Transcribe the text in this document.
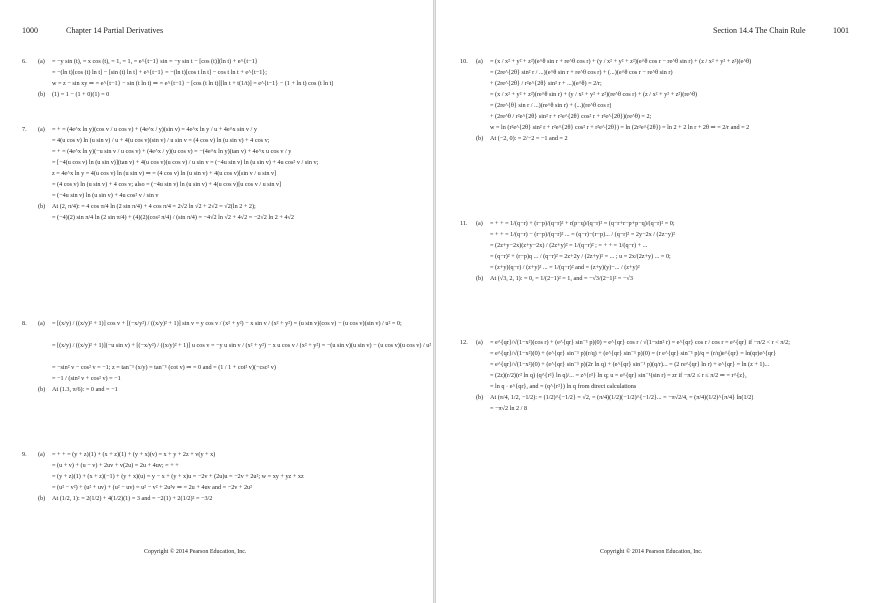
1000	Chapter 14 Partial Derivatives
6. (a) = −y sin (t), = x cos (t), = 1, = 1, = e^{t−1} sin = −y sin t − [cos (t)](ln t) + e^{t−1}
= −(ln t)[cos (t) ln t] − [sin (t) ln t] + e^{t−1} = −(ln t)[cos t ln t] − cos t ln t + e^{t−1};
w = z − sin xy ⇒ = e^{t−1} − sin (t ln t) ⇒ = e^{t−1} − [cos (t ln t)][ln t + t(1/t)] = e^{t−1} − (1 + ln t) cos (t ln t)
(b)(1) = 1 − (1 + 0)(1) = 0
7. (a)= + = (4e^x ln y)(cos v / u cos v) + (4e^x / y)(sin v) = 4e^x ln y / u + 4e^x sin v / y
= 4(u cos v) ln (u sin v) / u + 4(u cos v)(sin v) / u sin v = (4 cos v) ln (u sin v) + 4 cos v;
= + = (4e^x ln y)(−u sin v / u cos v) + (4e^x / y)(u cos v) = −(4e^x ln y)(tan v) + 4e^x u cos v / y
= [−4(u cos v) ln (u sin v)](tan v) + 4(u cos v)(u cos v) / u sin v = (−4u sin v) ln (u sin v) + 4u cos² v / sin v;
z = 4e^x ln y = 4(u cos v) ln (u sin v) ⇒ = (4 cos v) ln (u sin v) + 4(u cos v)[sin v / u sin v]
= (4 cos v) ln (u sin v) + 4 cos v; also = (−4u sin v) ln (u sin v) + 4(u cos v)[u cos v / u sin v]
= (−4u sin v) ln (u sin v) + 4u cos² v / sin v
(b) At (2, π/4): = 4 cos π/4 ln (2 sin π/4) + 4 cos π/4 = 2√2 ln √2 + 2√2 = √2(ln 2 + 2);
= (−4)(2) sin π/4 ln (2 sin π/4) + (4)(2)(cos² π/4) / (sin π/4) = −4√2 ln √2 + 4√2 = −2√2 ln 2 + 4√2
8. (a)= [(x/y) / ((x/y)² + 1)] cos v + [(−x/y²) / ((x/y)² + 1)] sin v = y cos v / (x² + y²) − x sin v / (x² + y²) = (u sin v)(cos v) − (u cos v)(sin v) / u² = 0;
= [(x/y) / ((x/y)² + 1)](−u sin v) + [(−x/y²) / ((x/y)² + 1)] u cos v = −y u sin v / (x² + y²) − x u cos v / (x² + y²) = −(u sin v)(u sin v) − (u cos v)(u cos v) / u²
= −sin² v − cos² v = −1; z = tan⁻¹ (x/y) = tan⁻¹ (cot v) ⇒ = 0 and = (1 / 1 + cot² v)(−csc² v)
= −1 / (sin² v + cos² v) = −1
(b) At (1.3, π/6): = 0 and = −1
9. (a)= + + = (y + z)(1) + (x + z)(1) + (y + x)(v) = x + y + 2z + v(y + x)
= (u + v) + (u − v) + 2uv + v(2u) = 2u + 4uv; = + +
= (y + z)(1) + (x + z)(−1) + (y + x)(u) = y − x + (y + x)u = −2v + (2u)u = −2v + 2u²; w = xy + yz + xz
= (u² − v²) + (u² + uv) + (u² − uv) = u² − v² + 2u²v ⇒ = 2u + 4uv and = −2v + 2u²
(b) At (1/2, 1): = 2(1/2) + 4(1/2)(1) = 3 and = −2(1) + 2(1/2)² = −3/2
Copyright © 2014 Pearson Education, Inc.
Section 14.4 The Chain Rule	1001
10. (a)= (x / x² + y² + z²)(e^θ sin r + re^θ cos r) + (y / x² + y² + z²)(e^θ cos r − re^θ sin r) + (z / x² + y² + z²)(e^θ)
= (2re^{2θ} sin² r / ...)(e^θ sin r + re^θ cos r) + (...)(e^θ cos r − re^θ sin r)
+ (2re^{2θ} / r²e^{2θ} sin² r + ...)(e^θ) = 2/r;
= (x / x² + y² + z²)(re^θ sin r) + (y / x² + y² + z²)(re^θ cos r) + (z / x² + y² + z²)(re^θ)
= (2re^{θ} sin r / ...)(re^θ sin r) + (...)(re^θ cos r)
+ (2re^θ / r²e^{2θ} sin² r + r²e^{2θ} cos² r + r²e^{2θ})(re^θ) = 2;
w = ln (r²e^{2θ} sin² r + r²e^{2θ} cos² r + r²e^{2θ}) = ln (2r²e^{2θ}) = ln 2 + 2 ln r + 2θ ⇒ = 2/r and = 2
(b) At (−2, 0): = 2/−2 = −1 and = 2
11. (a)= + + = 1/(q−r) + (r−p)/(q−r)² + r(p−q)/(q−r)² = (q−r+r−p+p−q)/(q−r)² = 0;
= + + = 1/(q−r) − (r−p)/(q−r)² ... = (q−r)−(r−p)... / (q−r)² = 2y−2x / (2z−y)²
= (2z+y−2x)(z+y−2x) / (2z+y)² = 1/(q−r)² ; = + + = 1/(q−r) + ...
= (q−r)² + (r−p)q ... / (q−r)² = 2z+2y / (2z+y)² = ... ; u = 2x/(2z+y) ... = 0;
= (z+y)(q−r) / (z+y)² ... = 1/(q−r)² and = (z+y)(y)−... / (z+y)²
(b) At (√3, 2, 1): = 0, = 1/(2−1)² = 1, and = −√3/(2−1)² = −√3
12. (a)= e^{qr}/√(1−x²)(cos r) + (e^{qr} sin⁻¹ p)(0) = e^{qr} cos r / √(1−sin² r) = e^{qr} cos r / cos r = e^{qr} if −π/2 < r < π/2;
= e^{qr}/√(1−x²)(0) + (e^{qr} sin⁻¹ p)(r/q) + (e^{qr} sin⁻¹ p)(0) = (r e^{qr} sin⁻¹ p)/q = (r/q)e^{qr} = ln(qr)e^{qr}
= e^{qr}/√(1−x²)(0) + (e^{qr} sin⁻¹ p)(2r ln q) + (e^{qr} sin⁻¹ p)(q/r)... = (2 re^{qr} ln r) + e^{qr} = ln (z + 1)...
= (2z)(r/2)(r² ln q) (q^{r²} ln q)/... = z^{r²} ln q; u = e^{qr} sin⁻¹(sin r) = zr if −π/2 ≤ r ≤ π/2 ⇒ = r^{z},
= ln q · e^{qr}, and = (q^{r²}) ln q from direct calculations
(b) At (π/4, 1/2, −1/2): = (1/2)^{−1/2} = √2, = (π/4)(1/2)(−1/2)^{−1/2}... = −π√2/4, = (π/4)(1/2)^{π/4} ln(1/2)
= −π√2 ln 2 / 8
Copyright © 2014 Pearson Education, Inc.
